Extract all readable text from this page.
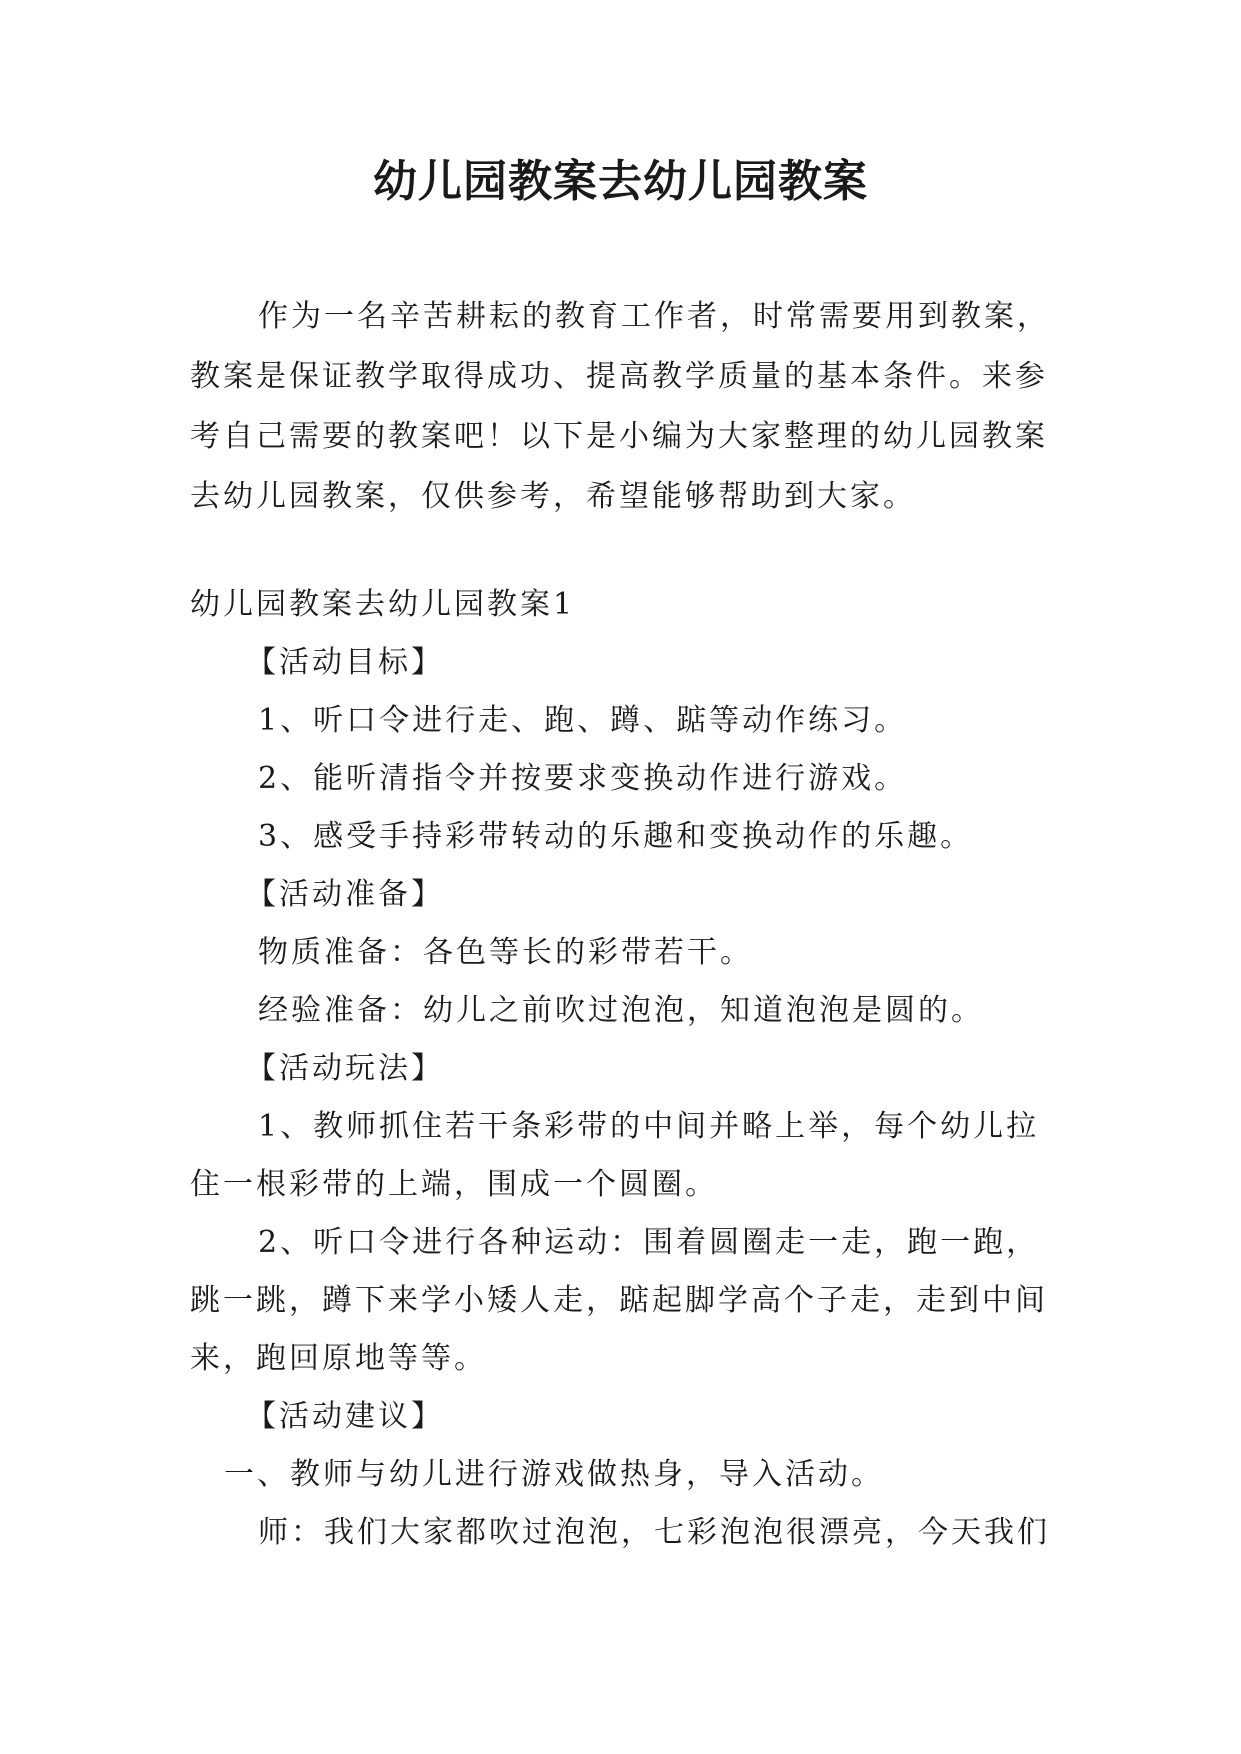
幼儿园教案去幼儿园教案

作为一名辛苦耕耘的教育工作者，时常需要用到教案，教案是保证教学取得成功、提高教学质量的基本条件。来参考自己需要的教案吧！以下是小编为大家整理的幼儿园教案去幼儿园教案，仅供参考，希望能够帮助到大家。

幼儿园教案去幼儿园教案1

【活动目标】

1、听口令进行走、跑、蹲、踮等动作练习。

2、能听清指令并按要求变换动作进行游戏。

3、感受手持彩带转动的乐趣和变换动作的乐趣。

【活动准备】

物质准备：各色等长的彩带若干。

经验准备：幼儿之前吹过泡泡，知道泡泡是圆的。

【活动玩法】

1、教师抓住若干条彩带的中间并略上举，每个幼儿拉住一根彩带的上端，围成一个圆圈。

2、听口令进行各种运动：围着圆圈走一走，跑一跑，跳一跳，蹲下来学小矮人走，踮起脚学高个子走，走到中间来，跑回原地等等。

【活动建议】

一、教师与幼儿进行游戏做热身，导入活动。

师：我们大家都吹过泡泡，七彩泡泡很漂亮，今天我们
